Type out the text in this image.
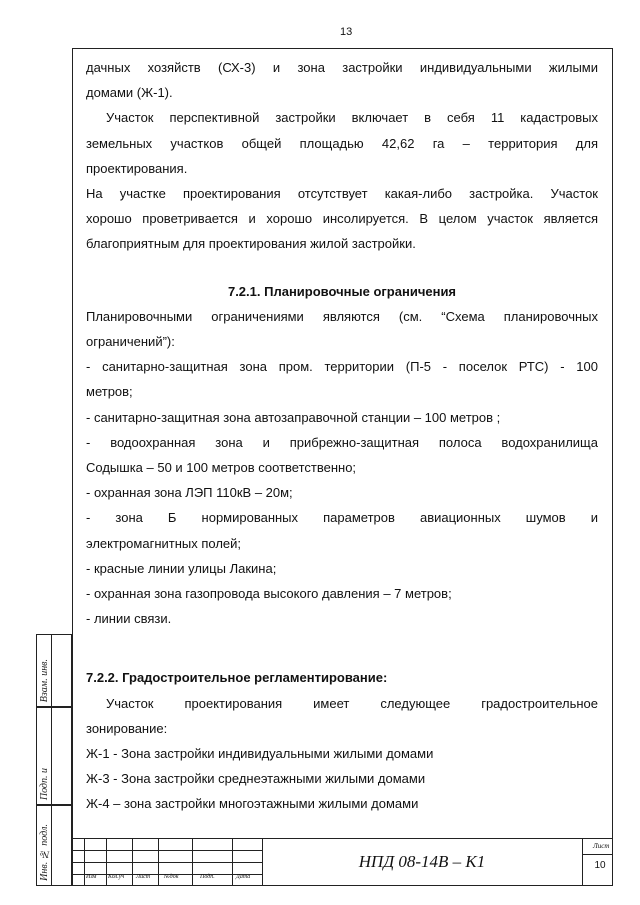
13

дачных хозяйств (СХ-3) и зона застройки индивидуальными жилыми

домами (Ж-1).

Участок перспективной застройки включает в себя 11 кадастровых

земельных участков общей площадью 42,62 га – территория для

проектирования.

На участке проектирования отсутствует какая-либо застройка. Участок

хорошо проветривается и хорошо инсолируется. В целом участок является

благоприятным для проектирования жилой застройки.

7.2.1. Планировочные ограничения

Планировочными ограничениями являются (см. “Схема планировочных

ограничений”):

- санитарно-защитная зона пром. территории (П-5 - поселок РТС) - 100

метров;

- санитарно-защитная зона автозаправочной станции – 100 метров ;

- водоохранная зона и прибрежно-защитная полоса водохранилища

Содышка – 50 и 100 метров соответственно;

- охранная зона ЛЭП 110кВ – 20м;

- зона Б нормированных параметров авиационных шумов и

электромагнитных полей;

- красные линии улицы Лакина;

- охранная зона газопровода высокого давления – 7 метров;

- линии связи.

7.2.2. Градостроительное регламентирование:

Участок проектирования имеет следующее градостроительное

зонирование:

Ж-1 - Зона застройки индивидуальными жилыми домами

Ж-3 - Зона застройки среднеэтажными жилыми домами

Ж-4 – зона застройки многоэтажными жилыми домами

Взам. инв.
Подп. и
Инв. № подл.	Изм Кол.уч Лист №док	Подп.	Дата
НПД 08-14В – К1
Лист
10
